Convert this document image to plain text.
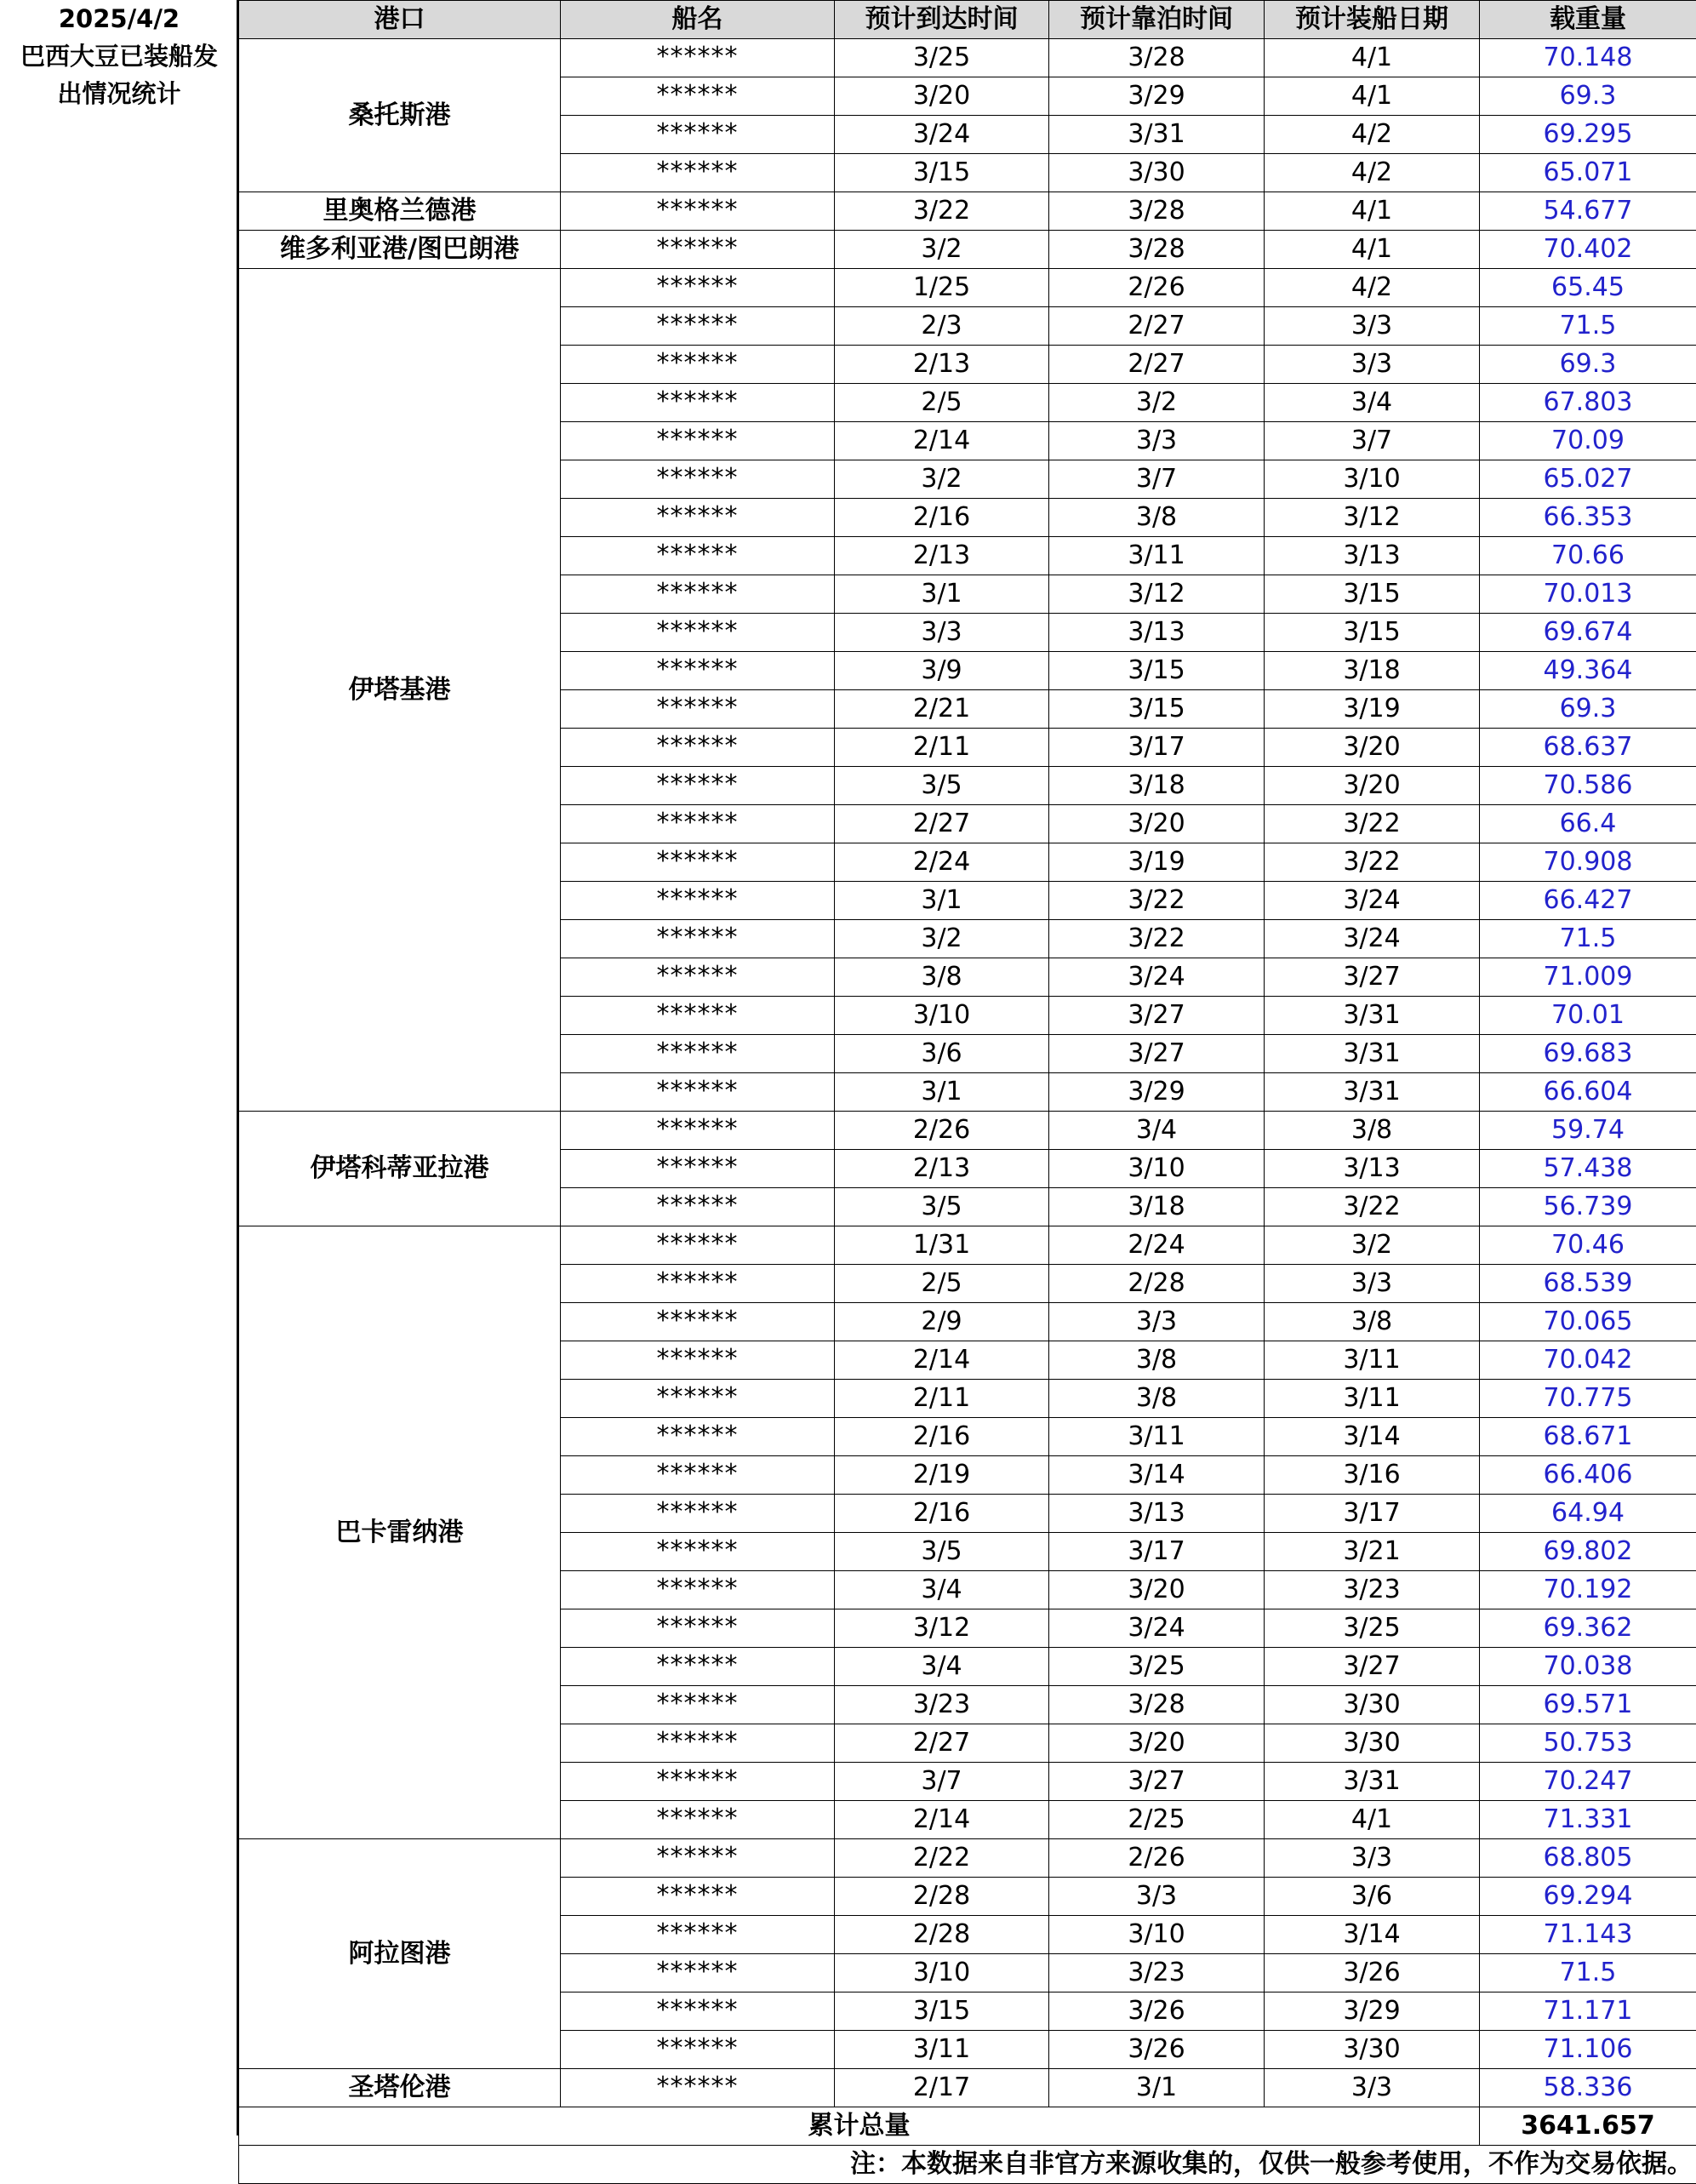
2025/4/2
巴西大豆已装船发
出情况统计
港口	船名	预计到达时间	预计靠泊时间	预计装船日期	载重量
桑托斯港	******	3/25	3/28	4/1	70.148
	******	3/20	3/29	4/1	69.3
	******	3/24	3/31	4/2	69.295
	******	3/15	3/30	4/2	65.071
里奥格兰德港	******	3/22	3/28	4/1	54.677
维多利亚港/图巴朗港	******	3/2	3/28	4/1	70.402
伊塔基港	******	1/25	2/26	4/2	65.45
	******	2/3	2/27	3/3	71.5
	******	2/13	2/27	3/3	69.3
	******	2/5	3/2	3/4	67.803
	******	2/14	3/3	3/7	70.09
	******	3/2	3/7	3/10	65.027
	******	2/16	3/8	3/12	66.353
	******	2/13	3/11	3/13	70.66
	******	3/1	3/12	3/15	70.013
	******	3/3	3/13	3/15	69.674
	******	3/9	3/15	3/18	49.364
	******	2/21	3/15	3/19	69.3
	******	2/11	3/17	3/20	68.637
	******	3/5	3/18	3/20	70.586
	******	2/27	3/20	3/22	66.4
	******	2/24	3/19	3/22	70.908
	******	3/1	3/22	3/24	66.427
	******	3/2	3/22	3/24	71.5
	******	3/8	3/24	3/27	71.009
	******	3/10	3/27	3/31	70.01
	******	3/6	3/27	3/31	69.683
	******	3/1	3/29	3/31	66.604
伊塔科蒂亚拉港	******	2/26	3/4	3/8	59.74
	******	2/13	3/10	3/13	57.438
	******	3/5	3/18	3/22	56.739
巴卡雷纳港	******	1/31	2/24	3/2	70.46
	******	2/5	2/28	3/3	68.539
	******	2/9	3/3	3/8	70.065
	******	2/14	3/8	3/11	70.042
	******	2/11	3/8	3/11	70.775
	******	2/16	3/11	3/14	68.671
	******	2/19	3/14	3/16	66.406
	******	2/16	3/13	3/17	64.94
	******	3/5	3/17	3/21	69.802
	******	3/4	3/20	3/23	70.192
	******	3/12	3/24	3/25	69.362
	******	3/4	3/25	3/27	70.038
	******	3/23	3/28	3/30	69.571
	******	2/27	3/20	3/30	50.753
	******	3/7	3/27	3/31	70.247
	******	2/14	2/25	4/1	71.331
阿拉图港	******	2/22	2/26	3/3	68.805
	******	2/28	3/3	3/6	69.294
	******	2/28	3/10	3/14	71.143
	******	3/10	3/23	3/26	71.5
	******	3/15	3/26	3/29	71.171
	******	3/11	3/26	3/30	71.106
圣塔伦港	******	2/17	3/1	3/3	58.336
累计总量					3641.657
注：本数据来自非官方来源收集的，仅供一般参考使用，不作为交易依据。					
